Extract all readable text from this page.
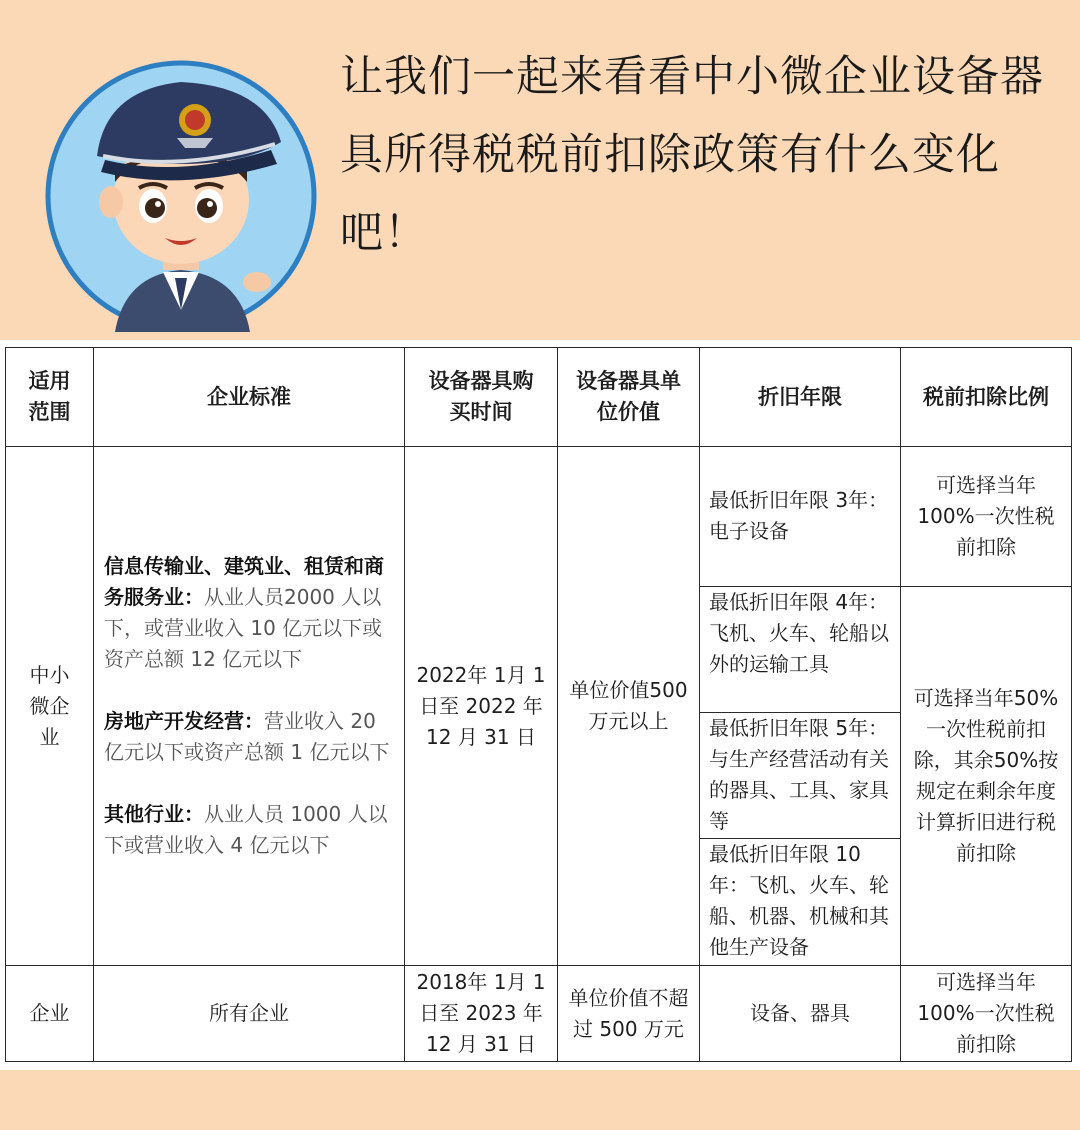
让我们一起来看看中小微企业设备器具所得税税前扣除政策有什么变化吧！
适用范围	企业标准	设备器具购买时间	设备器具单位价值	折旧年限	税前扣除比例
中小微企业	信息传输业、建筑业、租赁和商务服务业：从业人员2000 人以下，或营业收入 10 亿元以下或资产总额 12 亿元以下

房地产开发经营：营业收入 20 亿元以下或资产总额 1 亿元以下

其他行业：从业人员 1000 人以下或营业收入 4 亿元以下	2022年 1月 1日至 2022 年12 月 31 日	单位价值500 万元以上	最低折旧年限 3年：电子设备	可选择当年100%一次性税前扣除
				最低折旧年限 4年：飞机、火车、轮船以外的运输工具	可选择当年50%一次性税前扣除，其余50%按规定在剩余年度计算折旧进行税前扣除
				最低折旧年限 5年：与生产经营活动有关的器具、工具、家具等	
				最低折旧年限 10年：飞机、火车、轮船、机器、机械和其他生产设备	
企业	所有企业	2018年 1月 1日至 2023 年12 月 31 日	单位价值不超过 500 万元	设备、器具	可选择当年100%一次性税前扣除
